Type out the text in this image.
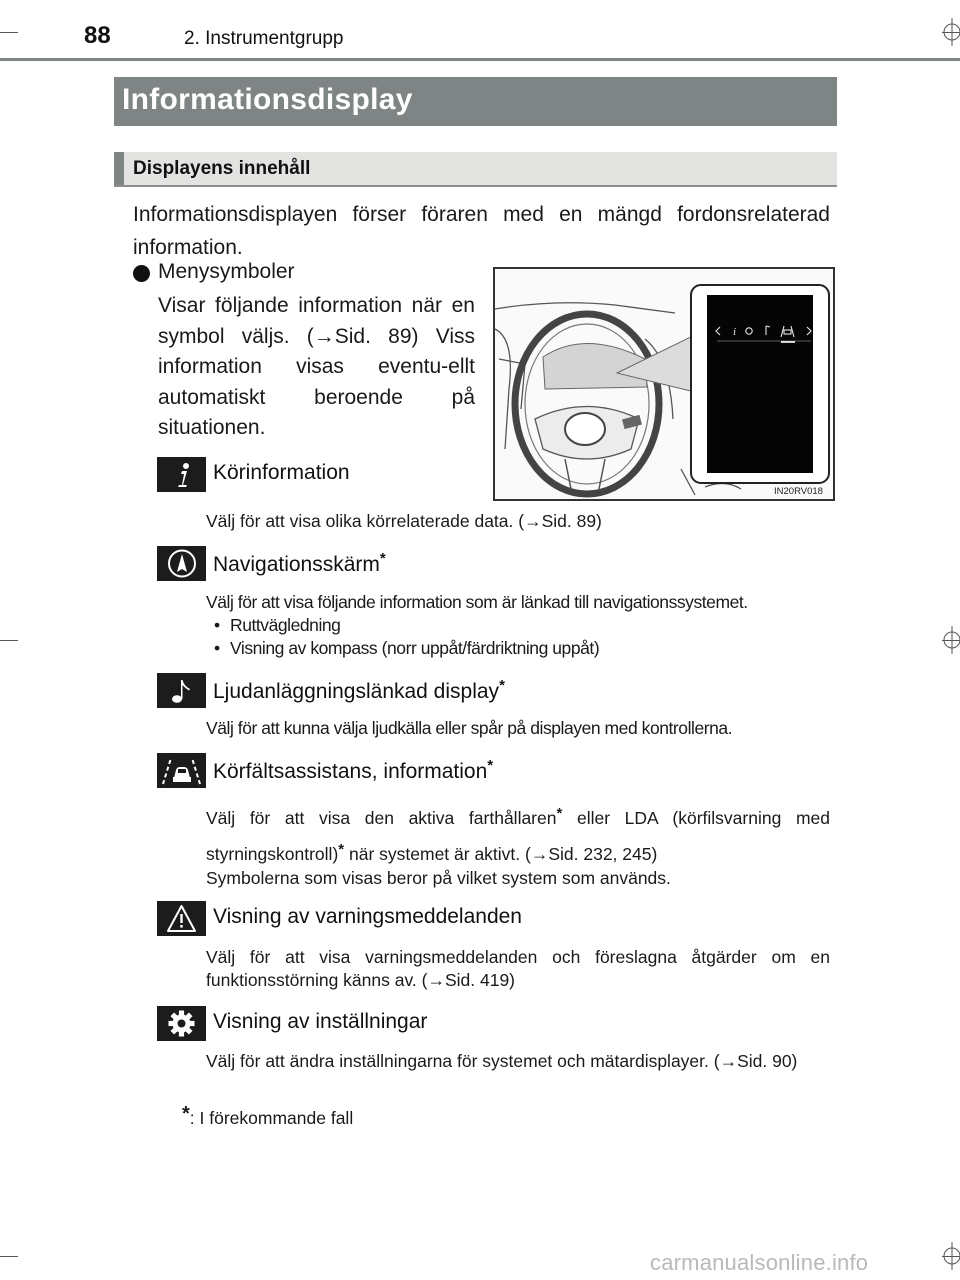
88	2. Instrumentgrupp
Informationsdisplay
Displayens innehåll

Informationsdisplayen förser föraren med en mängd fordonsrelaterad information.

Menysymboler

Visar följande information när en symbol väljs. (→Sid. 89) Viss information visas eventu-ellt automatiskt beroende på situationen.

i
IN20RV018
Körinformation

Välj för att visa olika körrelaterade data. (→Sid. 89)

Navigationsskärm*

Välj för att visa följande information som är länkad till navigationssystemet.

• Ruttvägledning
• Visning av kompass (norr uppåt/färdriktning uppåt)
Ljudanläggningslänkad display*

Välj för att kunna välja ljudkälla eller spår på displayen med kontrollerna.

Körfältsassistans, information*

Välj för att visa den aktiva farthållaren* eller LDA (körfilsvarning med styrningskontroll)* när systemet är aktivt. (→Sid. 232, 245)

Symbolerna som visas beror på vilket system som används.

Visning av varningsmeddelanden

Välj för att visa varningsmeddelanden och föreslagna åtgärder om en funktionsstörning känns av. (→Sid. 419)

Visning av inställningar

Välj för att ändra inställningarna för systemet och mätardisplayer. (→Sid. 90)

*: I förekommande fall
carmanualsonline.info
